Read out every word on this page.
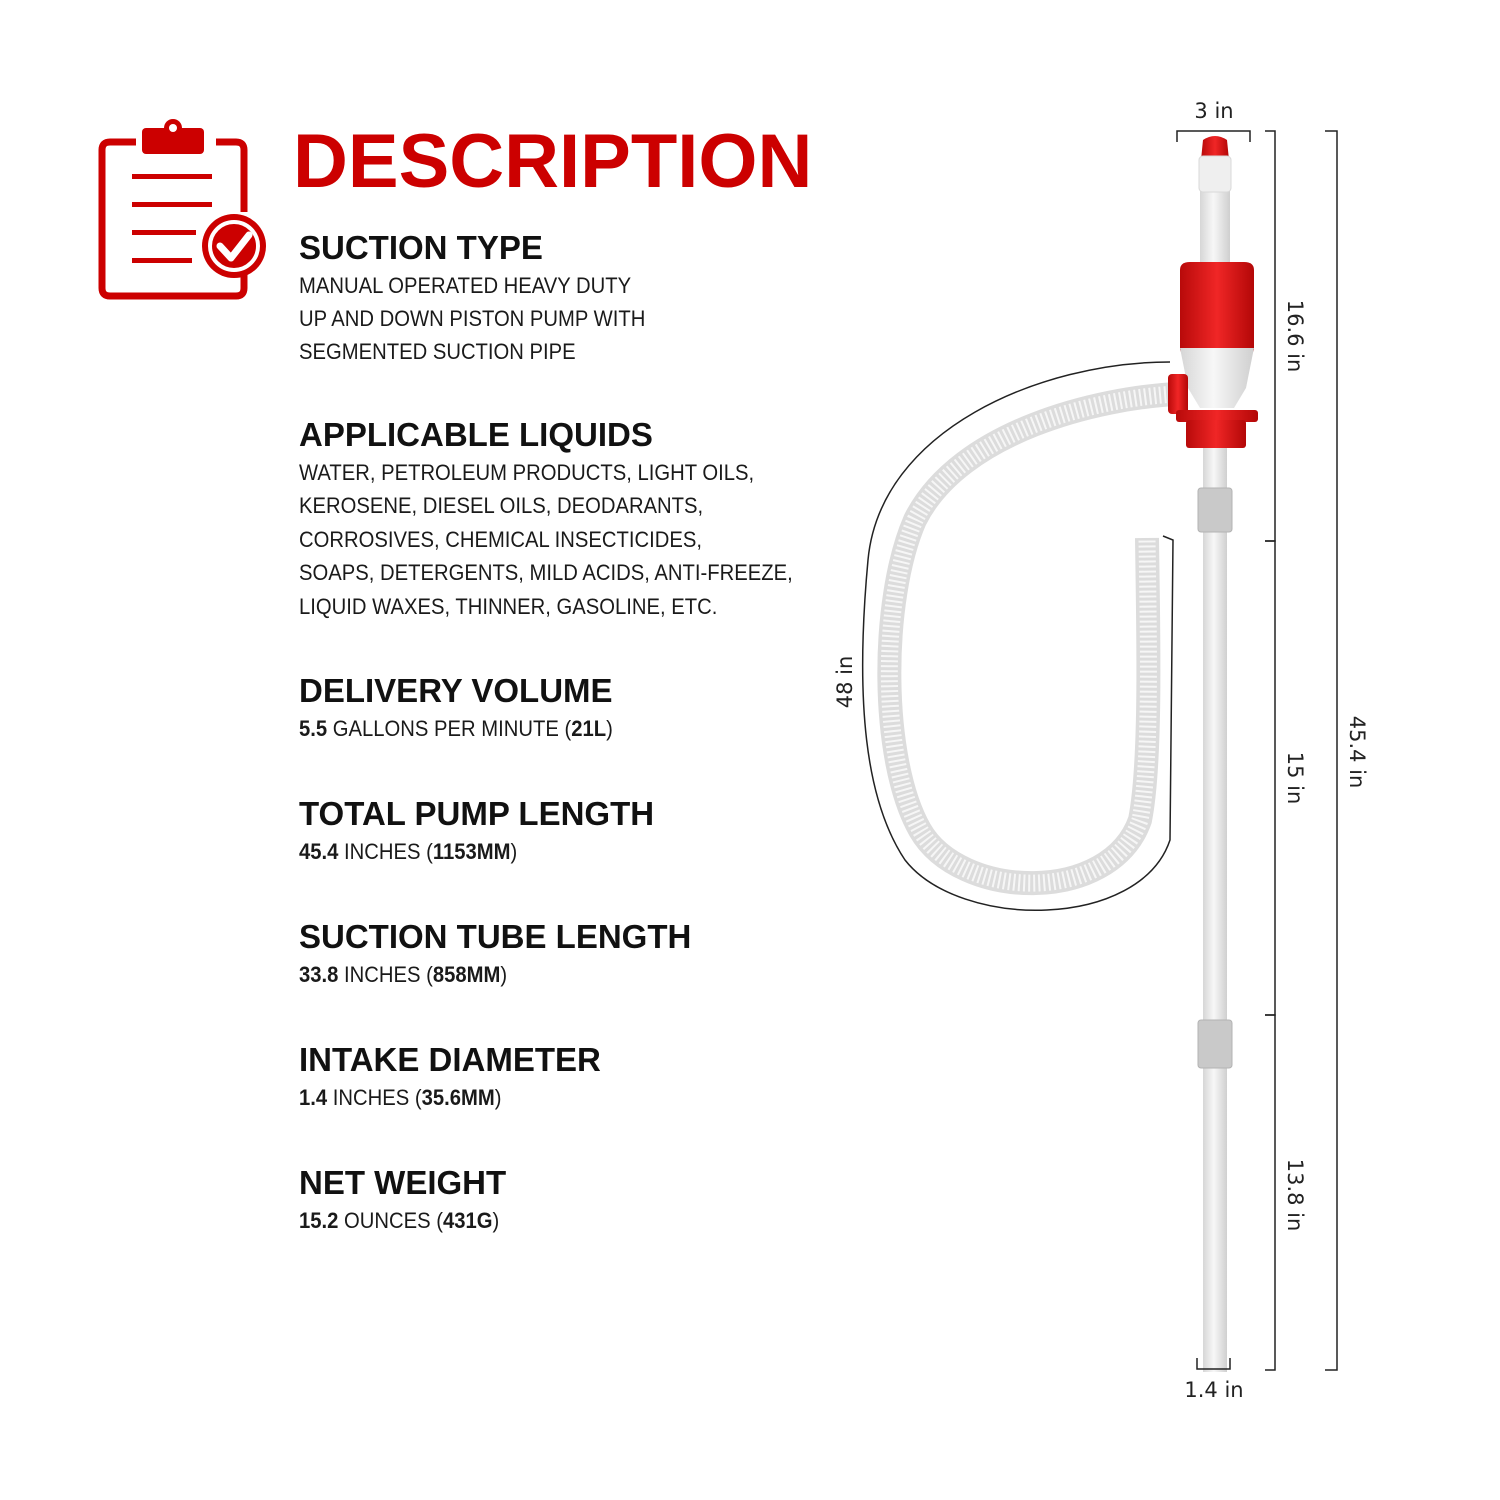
DESCRIPTION
SUCTION TYPE

MANUAL OPERATED HEAVY DUTY
UP AND DOWN PISTON PUMP WITH
SEGMENTED SUCTION PIPE

APPLICABLE LIQUIDS

WATER, PETROLEUM PRODUCTS, LIGHT OILS,
KEROSENE, DIESEL OILS, DEODARANTS,
CORROSIVES, CHEMICAL INSECTICIDES,
SOAPS, DETERGENTS, MILD ACIDS, ANTI-FREEZE,
LIQUID WAXES, THINNER, GASOLINE, ETC.

DELIVERY VOLUME

5.5 GALLONS PER MINUTE (21L)

TOTAL PUMP LENGTH

45.4 INCHES (1153MM)

SUCTION TUBE LENGTH

33.8 INCHES (858MM)

INTAKE DIAMETER

1.4 INCHES (35.6MM)

NET WEIGHT

15.2 OUNCES (431G)

3 in
1.4 in
16.6 in
15 in
13.8 in
45.4 in
48 in
